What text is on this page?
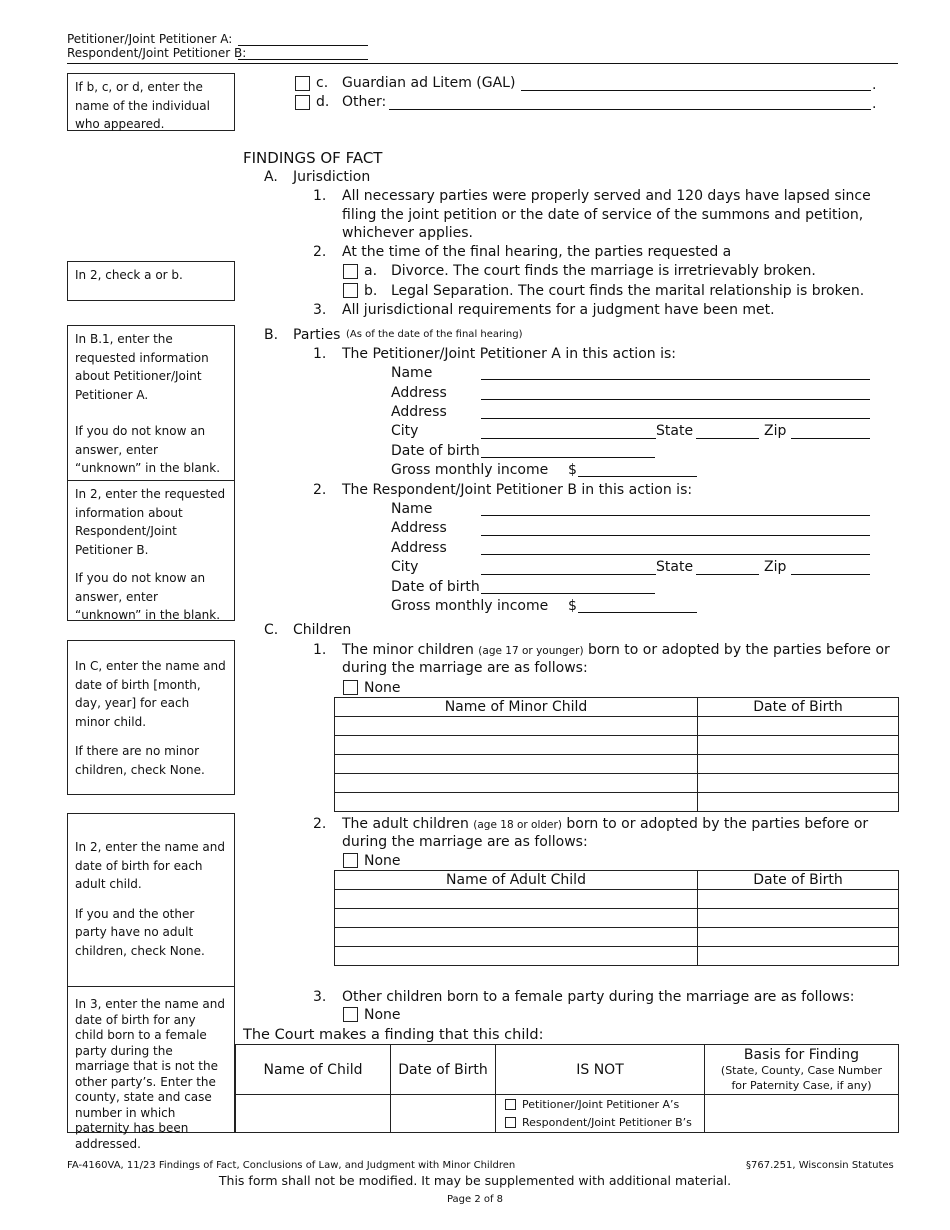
Petitioner/Joint Petitioner A:
Respondent/Joint Petitioner B:

If b, c, or d, enter the name of the individual who appeared.

In 2, check a or b.

In B.1, enter the requested information about Petitioner/Joint Petitioner A.

If you do not know an answer, enter “unknown” in the blank.

In 2, enter the requested information about Respondent/Joint Petitioner B.

If you do not know an answer, enter “unknown” in the blank.

In C, enter the name and date of birth [month, day, year] for each minor child.

If there are no minor children, check None.

In 2, enter the name and date of birth for each adult child.

If you and the other party have no adult children, check None.

In 3, enter the name and date of birth for any child born to a female party during the marriage that is not the other party’s. Enter the county, state and case number in which paternity has been addressed.

c. Guardian ad Litem (GAL)	.
d. Other:	.
FINDINGS OF FACT
A. Jurisdiction
1. All necessary parties were properly served and 120 days have lapsed since
filing the joint petition or the date of service of the summons and petition,
whichever applies.
2. At the time of the final hearing, the parties requested a
a. Divorce. The court finds the marriage is irretrievably broken.
b. Legal Separation. The court finds the marital relationship is broken.
3. All jurisdictional requirements for a judgment have been met.
B. Parties (As of the date of the final hearing)
1. The Petitioner/Joint Petitioner A in this action is:
Name
Address
Address
City	State	Zip
Date of birth
Gross monthly income $
2. The Respondent/Joint Petitioner B in this action is:
Name
Address
Address
City	State	Zip
Date of birth
Gross monthly income $
C. Children
1. The minor children (age 17 or younger) born to or adopted by the parties before or
during the marriage are as follows:
None
Name of Minor Child	Date of Birth

2. The adult children (age 18 or older) born to or adopted by the parties before or
during the marriage are as follows:
None
Name of Adult Child	Date of Birth

3. Other children born to a female party during the marriage are as follows:
None
The Court makes a finding that this child:
Name of Child	Date of Birth	IS NOT	Basis for Finding
(State, County, Case Number
for Paternity Case, if any)

		Petitioner/Joint Petitioner A’s
Respondent/Joint Petitioner B’s	

FA-4160VA, 11/23 Findings of Fact, Conclusions of Law, and Judgment with Minor Children	§767.251, Wisconsin Statutes
This form shall not be modified. It may be supplemented with additional material.
Page 2 of 8
